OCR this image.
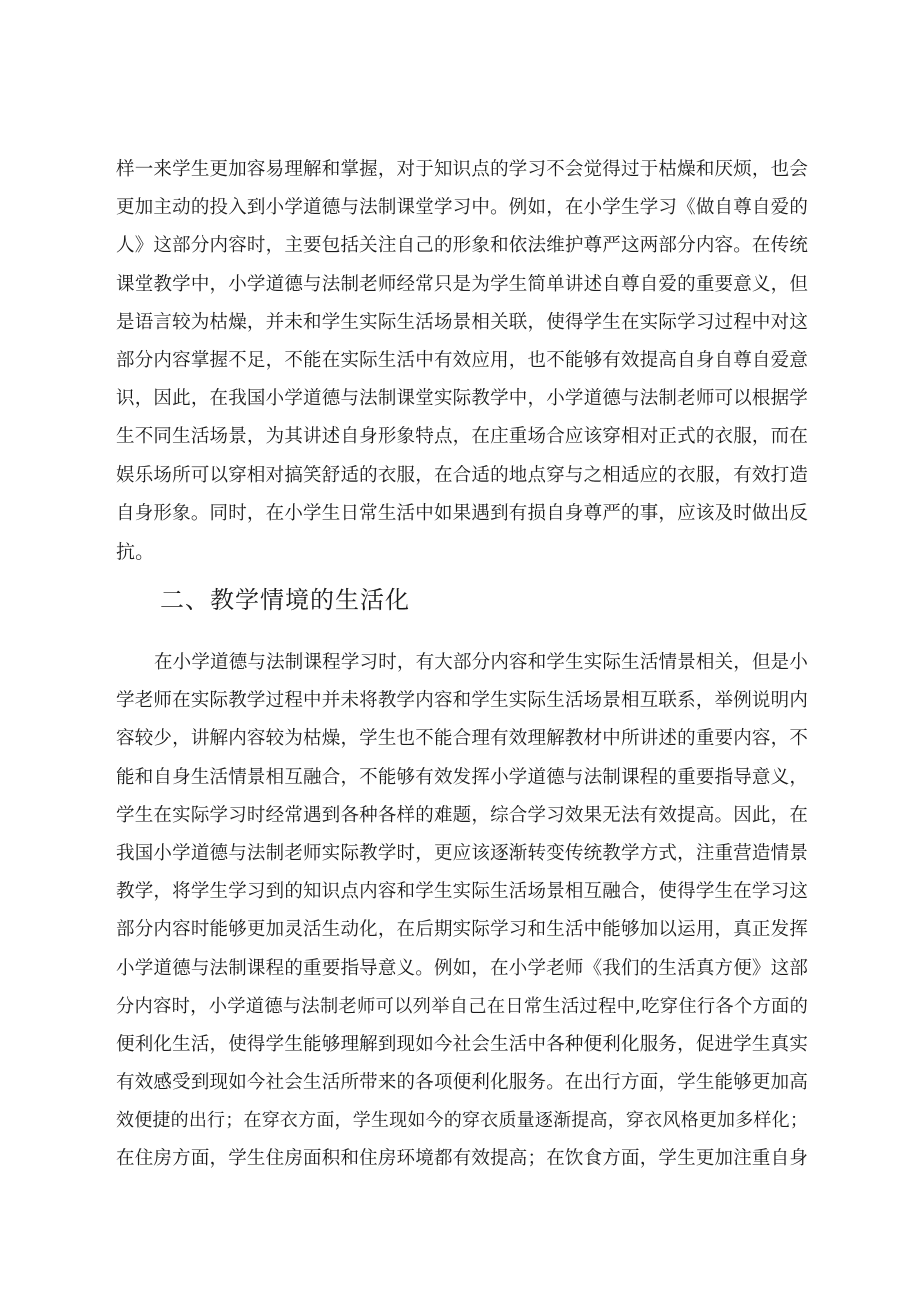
样一来学生更加容易理解和掌握，对于知识点的学习不会觉得过于枯燥和厌烦，也会
更加主动的投入到小学道德与法制课堂学习中。例如，在小学生学习《做自尊自爱的
人》这部分内容时，主要包括关注自己的形象和依法维护尊严这两部分内容。在传统
课堂教学中，小学道德与法制老师经常只是为学生简单讲述自尊自爱的重要意义，但
是语言较为枯燥，并未和学生实际生活场景相关联，使得学生在实际学习过程中对这
部分内容掌握不足，不能在实际生活中有效应用，也不能够有效提高自身自尊自爱意
识，因此，在我国小学道德与法制课堂实际教学中，小学道德与法制老师可以根据学
生不同生活场景，为其讲述自身形象特点，在庄重场合应该穿相对正式的衣服，而在
娱乐场所可以穿相对搞笑舒适的衣服，在合适的地点穿与之相适应的衣服，有效打造
自身形象。同时，在小学生日常生活中如果遇到有损自身尊严的事，应该及时做出反
抗。
二、教学情境的生活化
在小学道德与法制课程学习时，有大部分内容和学生实际生活情景相关，但是小
学老师在实际教学过程中并未将教学内容和学生实际生活场景相互联系，举例说明内
容较少，讲解内容较为枯燥，学生也不能合理有效理解教材中所讲述的重要内容，不
能和自身生活情景相互融合，不能够有效发挥小学道德与法制课程的重要指导意义，
学生在实际学习时经常遇到各种各样的难题，综合学习效果无法有效提高。因此，在
我国小学道德与法制老师实际教学时，更应该逐渐转变传统教学方式，注重营造情景
教学，将学生学习到的知识点内容和学生实际生活场景相互融合，使得学生在学习这
部分内容时能够更加灵活生动化，在后期实际学习和生活中能够加以运用，真正发挥
小学道德与法制课程的重要指导意义。例如，在小学老师《我们的生活真方便》这部
分内容时，小学道德与法制老师可以列举自己在日常生活过程中,吃穿住行各个方面的
便利化生活，使得学生能够理解到现如今社会生活中各种便利化服务，促进学生真实
有效感受到现如今社会生活所带来的各项便利化服务。在出行方面，学生能够更加高
效便捷的出行；在穿衣方面，学生现如今的穿衣质量逐渐提高，穿衣风格更加多样化；
在住房方面，学生住房面积和住房环境都有效提高；在饮食方面，学生更加注重自身
